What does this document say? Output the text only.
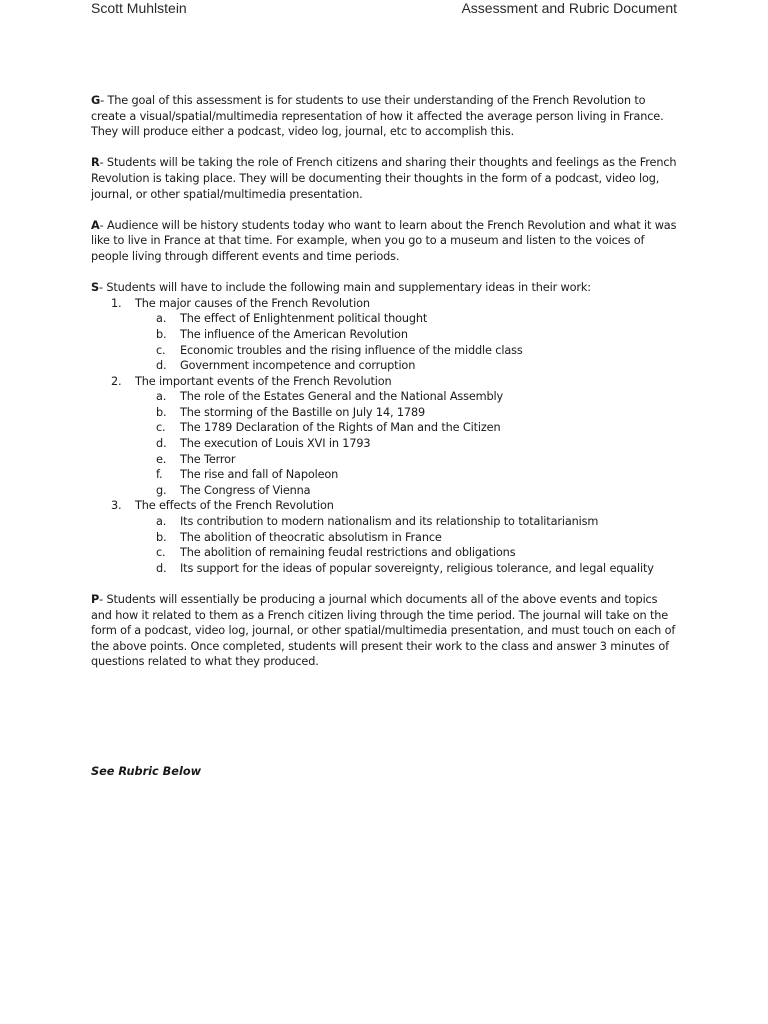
Scott Muhlstein	Assessment and Rubric Document

G- The goal of this assessment is for students to use their understanding of the French Revolution to create a visual/spatial/multimedia representation of how it affected the average person living in France. They will produce either a podcast, video log, journal, etc to accomplish this.

R- Students will be taking the role of French citizens and sharing their thoughts and feelings as the French Revolution is taking place. They will be documenting their thoughts in the form of a podcast, video log, journal, or other spatial/multimedia presentation.

A- Audience will be history students today who want to learn about the French Revolution and what it was like to live in France at that time. For example, when you go to a museum and listen to the voices of people living through different events and time periods.

S- Students will have to include the following main and supplementary ideas in their work:
1.	The major causes of the French Revolution
a.	The effect of Enlightenment political thought
b.	The influence of the American Revolution
c.	Economic troubles and the rising influence of the middle class
d.	Government incompetence and corruption
2.	The important events of the French Revolution
a.	The role of the Estates General and the National Assembly
b.	The storming of the Bastille on July 14, 1789
c.	The 1789 Declaration of the Rights of Man and the Citizen
d.	The execution of Louis XVI in 1793
e.	The Terror
f.	The rise and fall of Napoleon
g.	The Congress of Vienna
3.	The effects of the French Revolution
a.	Its contribution to modern nationalism and its relationship to totalitarianism
b.	The abolition of theocratic absolutism in France
c.	The abolition of remaining feudal restrictions and obligations
d.	Its support for the ideas of popular sovereignty, religious tolerance, and legal equality

P- Students will essentially be producing a journal which documents all of the above events and topics and how it related to them as a French citizen living through the time period. The journal will take on the form of a podcast, video log, journal, or other spatial/multimedia presentation, and must touch on each of the above points. Once completed, students will present their work to the class and answer 3 minutes of questions related to what they produced.

See Rubric Below
